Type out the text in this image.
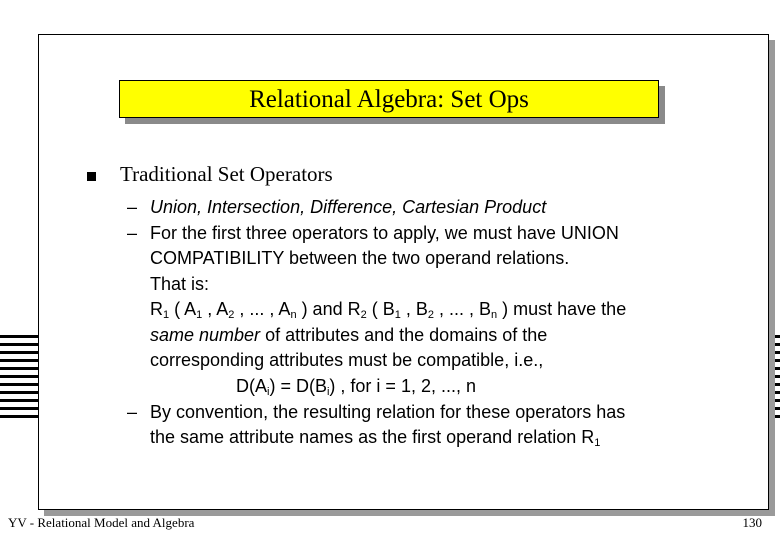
Relational Algebra: Set Ops
Traditional Set Operators
– Union, Intersection, Difference, Cartesian Product
– For the first three operators to apply, we must have UNION
COMPATIBILITY between the two operand relations.
That is:
$R_1$ ( $A_1$ , $A_2$ , ... , $A_n$ ) and $R_2$ ( $B_1$ , $B_2$ , ... , $B_n$ ) must have the
same number of attributes and the domains of the
corresponding attributes must be compatible, i.e.,
$D(A_i) = D(B_i)$ , for i = 1, 2, ..., n
– By convention, the resulting relation for these operators has
the same attribute names as the first operand relation $R_1$
YV - Relational Model and Algebra	130
